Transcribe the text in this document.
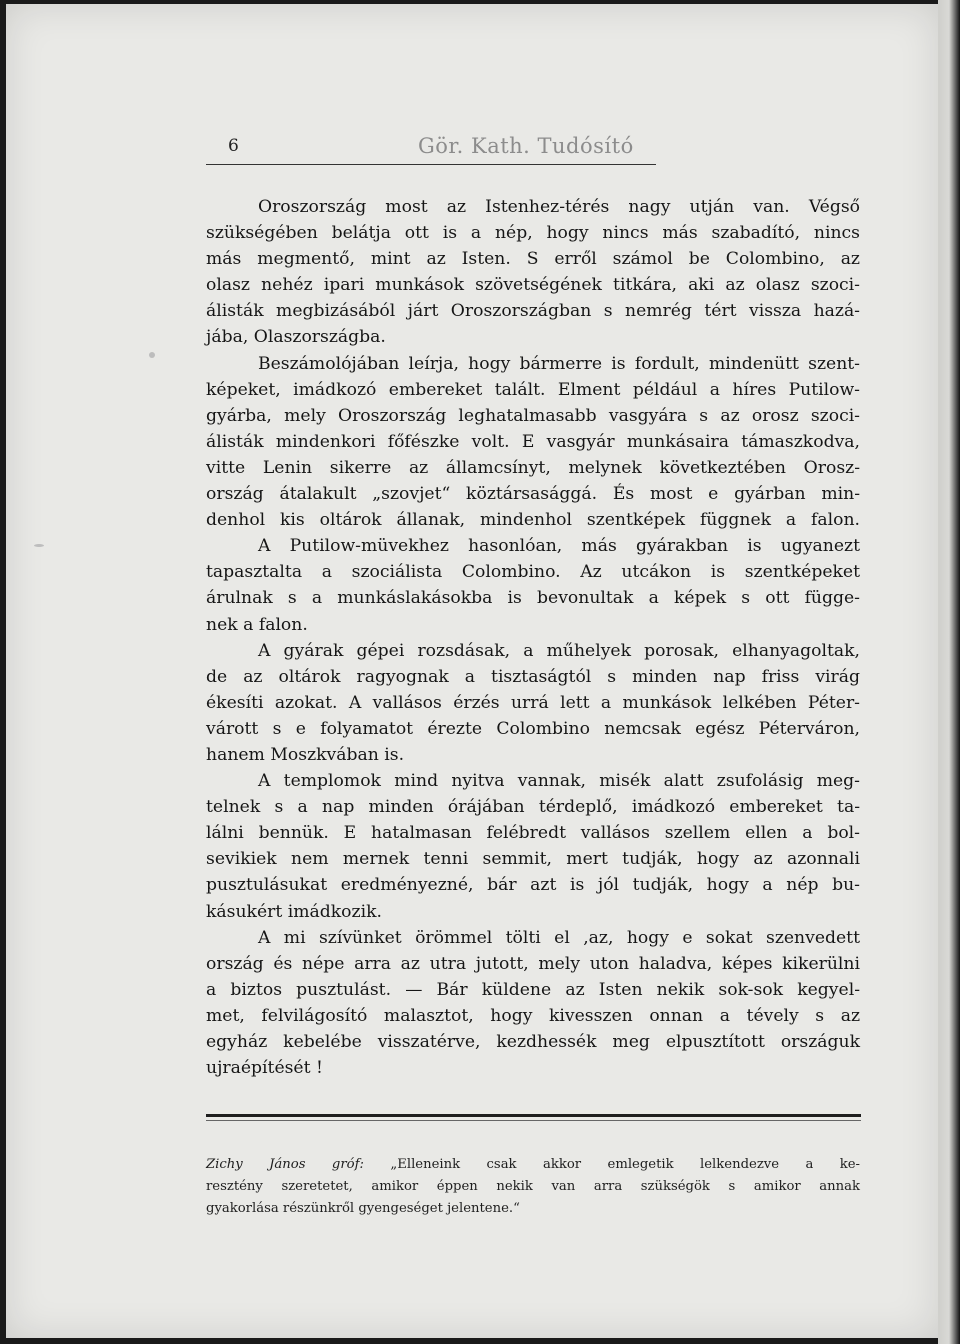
6	Gör. Kath. Tudósító
Oroszország most az Istenhez-térés nagy utján van. Végső
szükségében belátja ott is a nép, hogy nincs más szabadító, nincs
más megmentő, mint az Isten. S erről számol be Colombino, az
olasz nehéz ipari munkások szövetségének titkára, aki az olasz szoci-
álisták megbizásából járt Oroszországban s nemrég tért vissza hazá-
jába, Olaszországba.
Beszámolójában leírja, hogy bármerre is fordult, mindenütt szent-
képeket, imádkozó embereket talált. Elment például a híres Putilow-
gyárba, mely Oroszország leghatalmasabb vasgyára s az orosz szoci-
álisták mindenkori főfészke volt. E vasgyár munkásaira támaszkodva,
vitte Lenin sikerre az államcsínyt, melynek következtében Orosz-
ország átalakult „szovjet“ köztársasággá. És most e gyárban min-
denhol kis oltárok állanak, mindenhol szentképek függnek a falon.
A Putilow-müvekhez hasonlóan, más gyárakban is ugyanezt
tapasztalta a szociálista Colombino. Az utcákon is szentképeket
árulnak s a munkáslakásokba is bevonultak a képek s ott függe-
nek a falon.
A gyárak gépei rozsdásak, a műhelyek porosak, elhanyagoltak,
de az oltárok ragyognak a tisztaságtól s minden nap friss virág
ékesíti azokat. A vallásos érzés urrá lett a munkások lelkében Péter-
várott s e folyamatot érezte Colombino nemcsak egész Péterváron,
hanem Moszkvában is.
A templomok mind nyitva vannak, misék alatt zsufolásig meg-
telnek s a nap minden órájában térdeplő, imádkozó embereket ta-
lálni bennük. E hatalmasan felébredt vallásos szellem ellen a bol-
sevikiek nem mernek tenni semmit, mert tudják, hogy az azonnali
pusztulásukat eredményezné, bár azt is jól tudják, hogy a nép bu-
kásukért imádkozik.
A mi szívünket örömmel tölti el ,az, hogy e sokat szenvedett
ország és népe arra az utra jutott, mely uton haladva, képes kikerülni
a biztos pusztulást. — Bár küldene az Isten nekik sok-sok kegyel-
met, felvilágosító malasztot, hogy kivesszen onnan a tévely s az
egyház kebelébe visszatérve, kezdhessék meg elpusztított országuk
ujraépítését !
Zichy János gróf: „Elleneink csak akkor emlegetik lelkendezve a ke-
resztény szeretetet, amikor éppen nekik van arra szükségök s amikor annak
gyakorlása részünkről gyengeséget jelentene.“
